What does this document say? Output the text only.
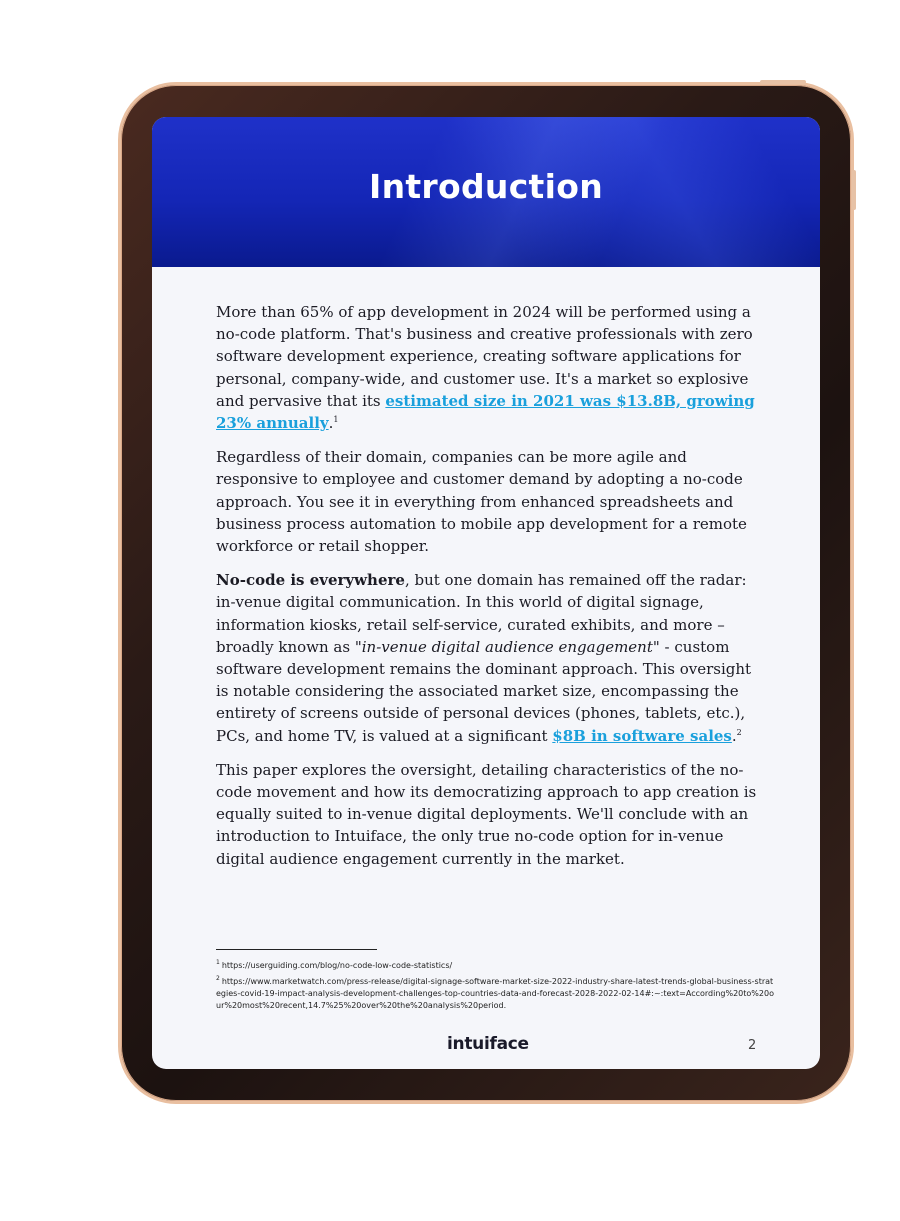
Introduction

More than 65% of app development in 2024 will be performed using a no-code platform. That's business and creative professionals with zero software development experience, creating software applications for personal, company-wide, and customer use. It's a market so explosive and pervasive that its estimated size in 2021 was $13.8B, growing 23% annually.$^1$

Regardless of their domain, companies can be more agile and responsive to employee and customer demand by adopting a no-code approach. You see it in everything from enhanced spreadsheets and business process automation to mobile app development for a remote workforce or retail shopper.

No-code is everywhere, but one domain has remained off the radar: in-venue digital communication. In this world of digital signage, information kiosks, retail self-service, curated exhibits, and more – broadly known as "in-venue digital audience engagement" - custom software development remains the dominant approach. This oversight is notable considering the associated market size, encompassing the entirety of screens outside of personal devices (phones, tablets, etc.), PCs, and home TV, is valued at a significant $8B in software sales.$^2$

This paper explores the oversight, detailing characteristics of the no-code movement and how its democratizing approach to app creation is equally suited to in-venue digital deployments. We'll conclude with an introduction to Intuiface, the only true no-code option for in-venue digital audience engagement currently in the market.

$^1$ https://userguiding.com/blog/no-code-low-code-statistics/
$^2$ https://www.marketwatch.com/press-release/digital-signage-software-market-size-2022-industry-share-latest-trends-global-business-strategies-covid-19-impact-analysis-development-challenges-top-countries-data-and-forecast-2028-2022-02-14#:~:text=According%20to%20our%20most%20recent,14.7%25%20over%20the%20analysis%20period.
intuiface	2
